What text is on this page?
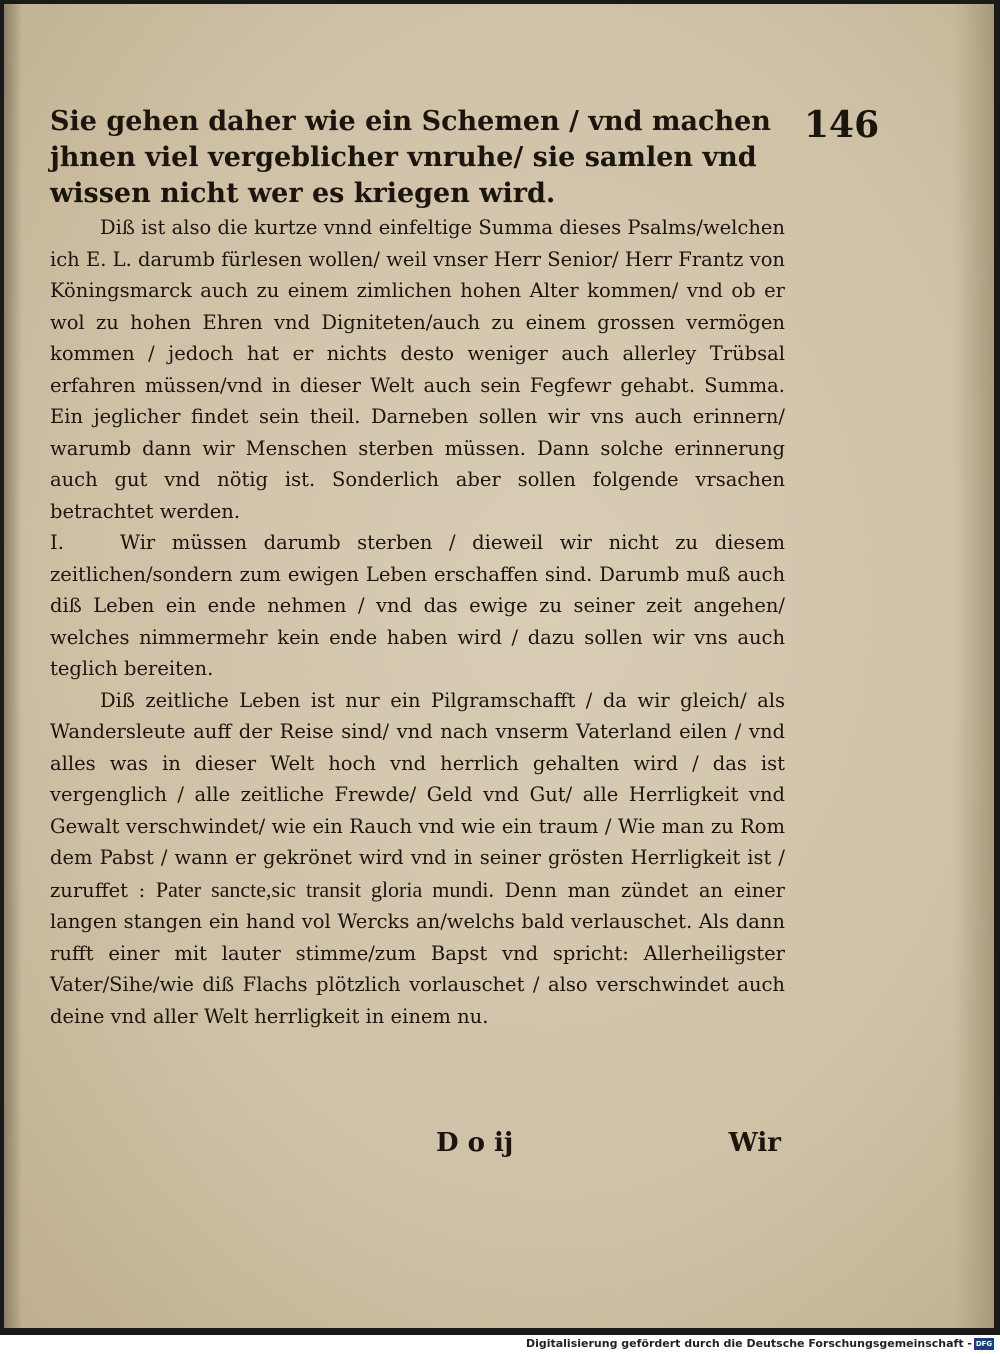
146

Sie gehen daher wie ein Schemen / vnd machen jhnen viel vergeblicher vnruhe/ sie samlen vnd wissen nicht wer es kriegen wird.

Diß ist also die kurtze vnnd einfeltige Summa dieses Psalms/welchen ich E. L. darumb fürlesen wollen/ weil vnser Herr Senior/ Herr Frantz von Köningsmarck auch zu einem zimlichen hohen Alter kommen/ vnd ob er wol zu hohen Ehren vnd Digniteten/auch zu einem grossen vermögen kommen / jedoch hat er nichts desto weniger auch allerley Trübsal erfahren müssen/vnd in dieser Welt auch sein Fegfewr gehabt. Summa. Ein jeglicher findet sein theil. Darneben sollen wir vns auch erinnern/ warumb dann wir Menschen sterben müssen. Dann solche erinnerung auch gut vnd nötig ist. Sonderlich aber sollen folgende vrsachen betrachtet werden.

I.	Wir müssen darumb sterben / dieweil wir nicht zu diesem zeitlichen/sondern zum ewigen Leben erschaffen sind. Darumb muß auch diß Leben ein ende nehmen / vnd das ewige zu seiner zeit angehen/ welches nimmermehr kein ende haben wird / dazu sollen wir vns auch teglich bereiten.

Diß zeitliche Leben ist nur ein Pilgramschafft / da wir gleich/ als Wandersleute auff der Reise sind/ vnd nach vnserm Vaterland eilen / vnd alles was in dieser Welt hoch vnd herrlich gehalten wird / das ist vergenglich / alle zeitliche Frewde/ Geld vnd Gut/ alle Herrligkeit vnd Gewalt verschwindet/ wie ein Rauch vnd wie ein traum / Wie man zu Rom dem Pabst / wann er gekrönet wird vnd in seiner grösten Herrligkeit ist / zuruffet : Pater sancte,sic transit gloria mundi. Denn man zündet an einer langen stangen ein hand vol Wercks an/welchs bald verlauschet. Als dann rufft einer mit lauter stimme/zum Bapst vnd spricht: Allerheiligster Vater/Sihe/wie diß Flachs plötzlich vorlauschet / also verschwindet auch deine vnd aller Welt herrligkeit in einem nu.

D o ij	Wir
Digitalisierung gefördert durch die Deutsche Forschungsgemeinschaft - DFG
